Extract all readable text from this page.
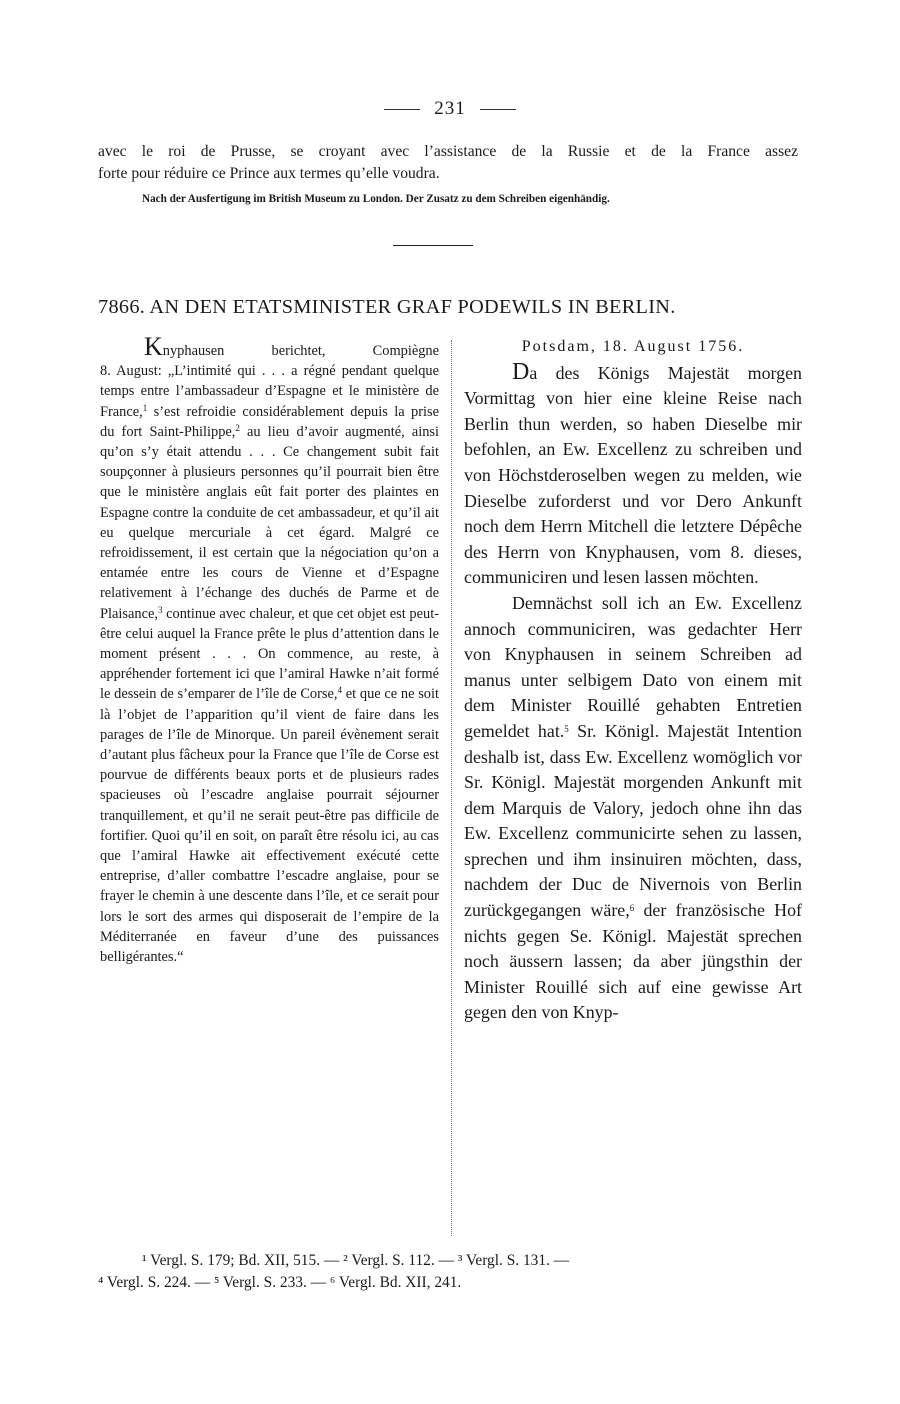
231
avec le roi de Prusse, se croyant avec l’assistance de la Russie et de la France assez
forte pour réduire ce Prince aux termes qu’elle voudra.
Nach der Ausfertigung im British Museum zu London. Der Zusatz zu dem Schreiben eigenhändig.
7866. AN DEN ETATSMINISTER GRAF PODEWILS IN BERLIN.
Knyphausen berichtet, Compiègne
8. August: „L’intimité qui . . . a régné pendant quelque temps entre l’ambassadeur d’Espagne et le ministère de France,$^1$ s’est refroidie considérablement depuis la prise du fort Saint-Philippe,$^2$ au lieu d’avoir augmenté, ainsi qu’on s’y était attendu . . . Ce changement subit fait soupçonner à plusieurs personnes qu’il pourrait bien être que le ministère anglais eût fait porter des plaintes en Espagne contre la conduite de cet ambassadeur, et qu’il ait eu quelque mercuriale à cet égard. Malgré ce refroidissement, il est certain que la négociation qu’on a entamée entre les cours de Vienne et d’Espagne relativement à l’échange des duchés de Parme et de Plaisance,$^3$ continue avec chaleur, et que cet objet est peut-être celui auquel la France prête le plus d’attention dans le moment présent . . . On commence, au reste, à appréhender fortement ici que l’amiral Hawke n’ait formé le dessein de s’emparer de l’île de Corse,$^4$ et que ce ne soit là l’objet de l’apparition qu’il vient de faire dans les parages de l’île de Minorque. Un pareil évènement serait d’autant plus fâcheux pour la France que l’île de Corse est pourvue de différents beaux ports et de plusieurs rades spacieuses où l’escadre anglaise pourrait séjourner tranquillement, et qu’il ne serait peut-être pas difficile de fortifier. Quoi qu’il en soit, on paraît être résolu ici, au cas que l’amiral Hawke ait effectivement exécuté cette entreprise, d’aller combattre l’escadre anglaise, pour se frayer le chemin à une descente dans l’île, et ce serait pour lors le sort des armes qui disposerait de l’empire de la Méditerranée en faveur d’une des puissances belligérantes.“
Potsdam, 18. August 1756.

Da des Königs Majestät morgen Vormittag von hier eine kleine Reise nach Berlin thun werden, so haben Dieselbe mir befohlen, an Ew. Excellenz zu schreiben und von Höchstderoselben wegen zu melden, wie Dieselbe zuforderst und vor Dero Ankunft noch dem Herrn Mitchell die letztere Dépêche des Herrn von Knyphausen, vom 8. dieses, communiciren und lesen lassen möchten.

Demnächst soll ich an Ew. Excellenz annoch communiciren, was gedachter Herr von Knyphausen in seinem Schreiben ad manus unter selbigem Dato von einem mit dem Minister Rouillé gehabten Entretien gemeldet hat.$^5$ Sr. Königl. Majestät Intention deshalb ist, dass Ew. Excellenz womöglich vor Sr. Königl. Majestät morgenden Ankunft mit dem Marquis de Valory, jedoch ohne ihn das Ew. Excellenz communicirte sehen zu lassen, sprechen und ihm insinuiren möchten, dass, nachdem der Duc de Nivernois von Berlin zurückgegangen wäre,$^6$ der französische Hof nichts gegen Se. Königl. Majestät sprechen noch äussern lassen; da aber jüngsthin der Minister Rouillé sich auf eine gewisse Art gegen den von Knyp-

¹ Vergl. S. 179; Bd. XII, 515. — ² Vergl. S. 112. — ³ Vergl. S. 131. —
⁴ Vergl. S. 224. — ⁵ Vergl. S. 233. — ⁶ Vergl. Bd. XII, 241.
